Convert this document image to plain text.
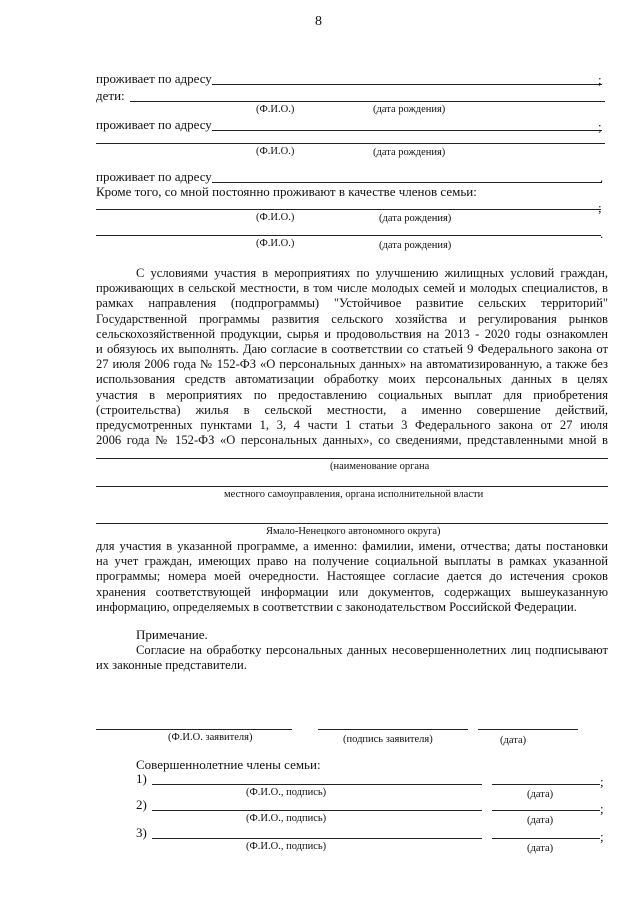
8
проживает по адресу	;
дети:
(Ф.И.О.)	(дата рождения)
проживает по адресу	;
(Ф.И.О.)	(дата рождения)
проживает по адресу	.
Кроме того, со мной постоянно проживают в качестве членов семьи:
;
(Ф.И.О.)	(дата рождения)
.
(Ф.И.О.)	(дата рождения)
С условиями участия в мероприятиях по улучшению жилищных условий граждан,
проживающих в сельской местности, в том числе молодых семей и молодых специалистов, в
рамках направления (подпрограммы) "Устойчивое развитие сельских территорий"
Государственной программы развития сельского хозяйства и регулирования рынков
сельскохозяйственной продукции, сырья и продовольствия на 2013 - 2020 годы ознакомлен
и обязуюсь их выполнять. Даю согласие в соответствии со статьей 9 Федерального закона от
27 июля 2006 года № 152-ФЗ «О персональных данных» на автоматизированную, а также без
использования средств автоматизации обработку моих персональных данных в целях
участия в мероприятиях по предоставлению социальных выплат для приобретения
(строительства) жилья в сельской местности, а именно совершение действий,
предусмотренных пунктами 1, 3, 4 части 1 статьи 3 Федерального закона от 27 июля
2006 года № 152-ФЗ «О персональных данных», со сведениями, представленными мной в
(наименование органа
местного самоуправления, органа исполнительной власти
Ямало-Ненецкого автономного округа)
для участия в указанной программе, а именно: фамилии, имени, отчества; даты постановки
на учет граждан, имеющих право на получение социальной выплаты в рамках указанной
программы; номера моей очередности. Настоящее согласие дается до истечения сроков
хранения соответствующей информации или документов, содержащих вышеуказанную
информацию, определяемых в соответствии с законодательством Российской Федерации.
Примечание.
Согласие на обработку персональных данных несовершеннолетних лиц подписывают
их законные представители.
(Ф.И.О. заявителя)	(подпись заявителя)	(дата)
Совершеннолетние члены семьи:
1)	;
(Ф.И.О., подпись)	(дата)
2)	;
(Ф.И.О., подпись)	(дата)
3)	;
(Ф.И.О., подпись)	(дата)
